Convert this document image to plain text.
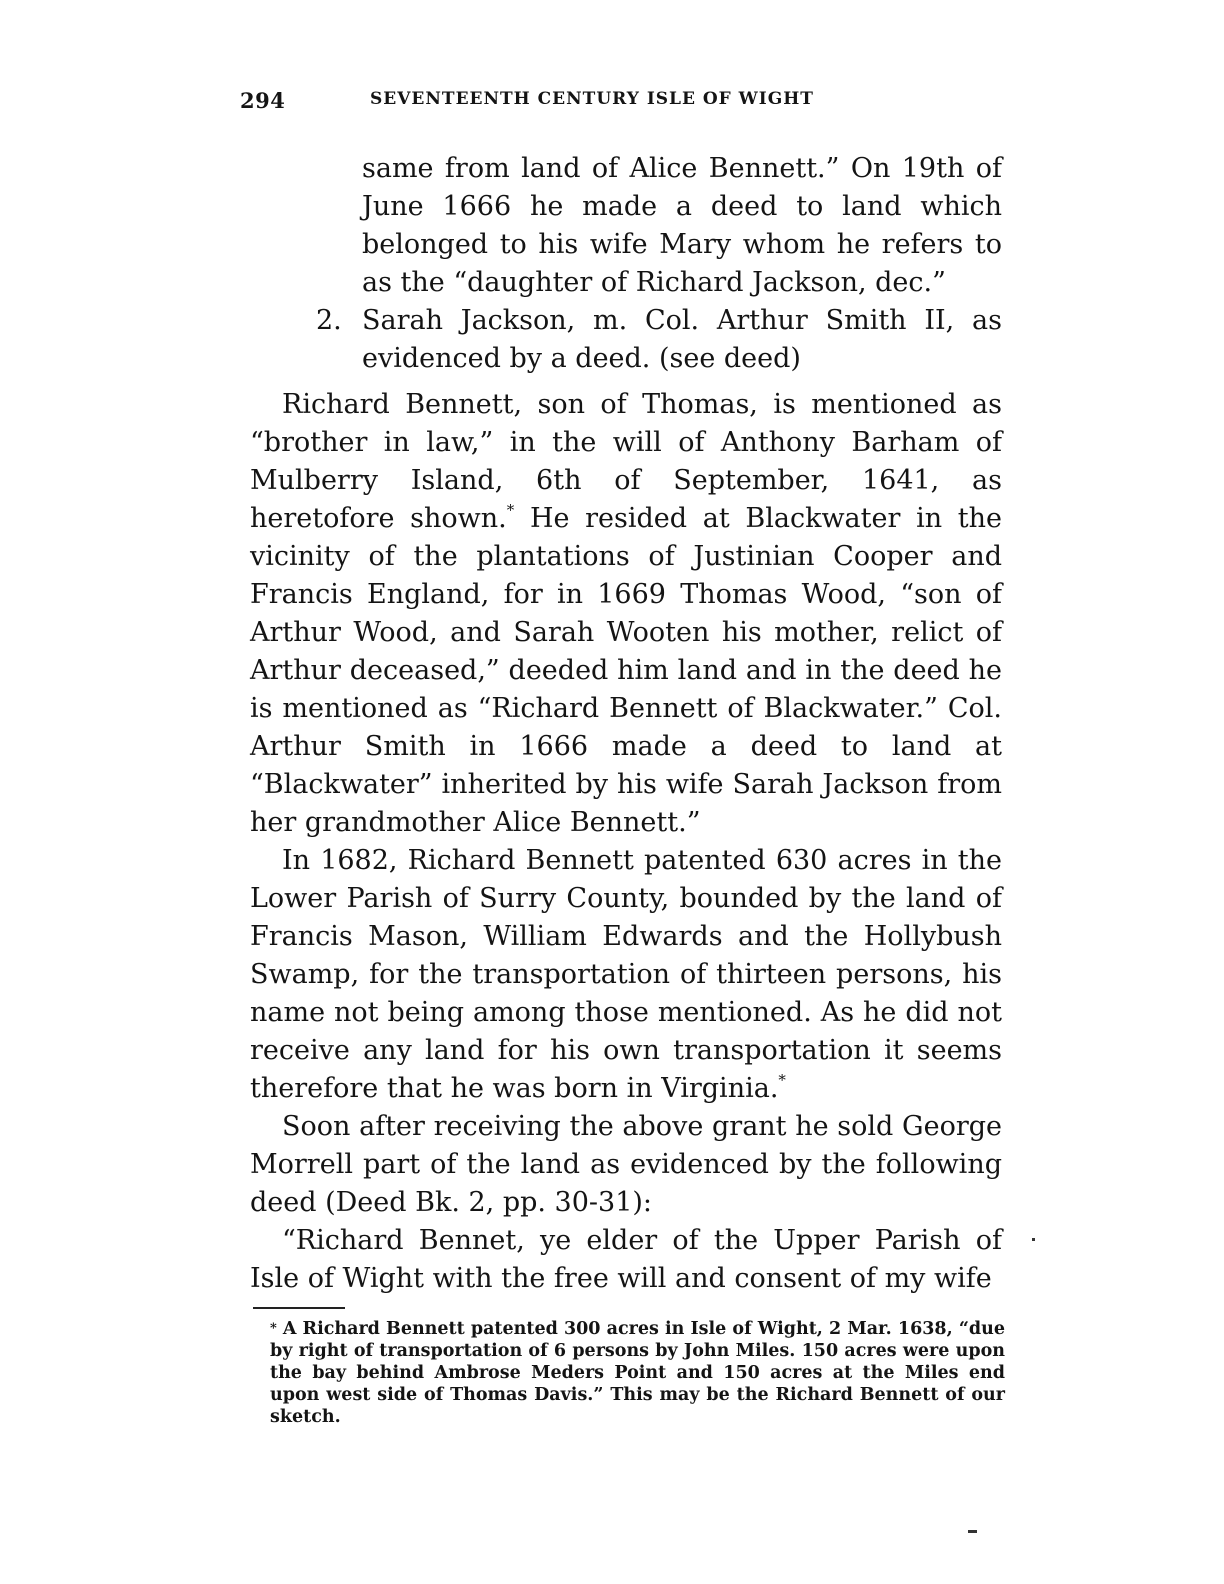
294	SEVENTEENTH CENTURY ISLE OF WIGHT
same from land of Alice Bennett.” On 19th of June 1666 he made a deed to land which belonged to his wife Mary whom he refers to as the “daughter of Richard Jackson, dec.”
2. Sarah Jackson, m. Col. Arthur Smith II, as evidenced by a deed. (see deed)

Richard Bennett, son of Thomas, is mentioned as “brother in law,” in the will of Anthony Barham of Mulberry Island, 6th of September, 1641, as heretofore shown.* He resided at Blackwater in the vicinity of the plantations of Justinian Cooper and Francis England, for in 1669 Thomas Wood, “son of Arthur Wood, and Sarah Wooten his mother, relict of Arthur deceased,” deeded him land and in the deed he is mentioned as “Richard Bennett of Blackwater.” Col. Arthur Smith in 1666 made a deed to land at “Blackwater” inherited by his wife Sarah Jackson from her grandmother Alice Bennett.”

In 1682, Richard Bennett patented 630 acres in the Lower Parish of Surry County, bounded by the land of Francis Mason, William Edwards and the Hollybush Swamp, for the transportation of thirteen persons, his name not being among those mentioned. As he did not receive any land for his own transportation it seems therefore that he was born in Virginia.*

Soon after receiving the above grant he sold George Morrell part of the land as evidenced by the following deed (Deed Bk. 2, pp. 30-31):

“Richard Bennet, ye elder of the Upper Parish of Isle of Wight with the free will and consent of my wife

* A Richard Bennett patented 300 acres in Isle of Wight, 2 Mar. 1638, “due by right of transportation of 6 persons by John Miles. 150 acres were upon the bay behind Ambrose Meders Point and 150 acres at the Miles end upon west side of Thomas Davis.” This may be the Richard Bennett of our sketch.
